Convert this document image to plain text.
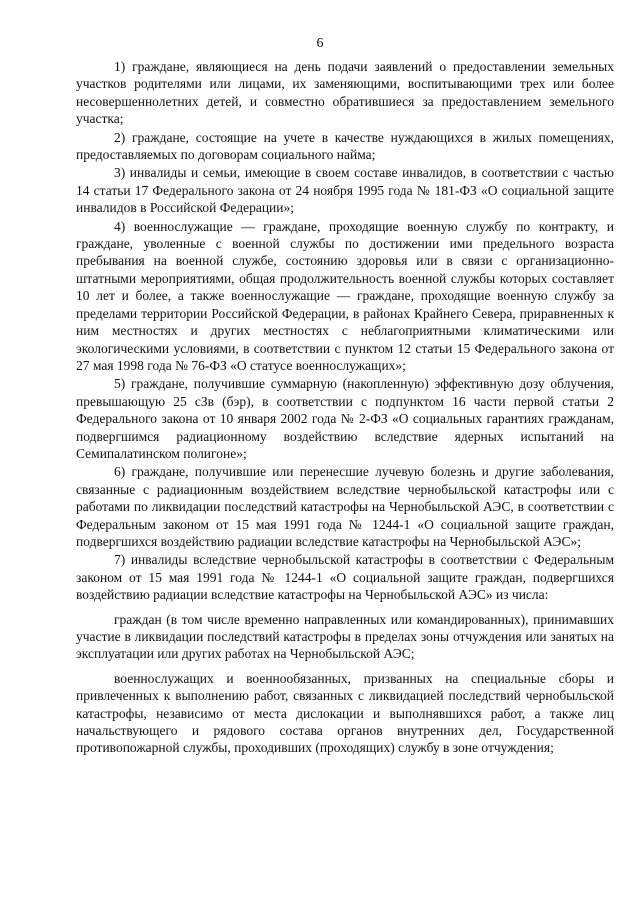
6

1) граждане, являющиеся на день подачи заявлений о предоставлении земельных участков родителями или лицами, их заменяющими, воспитывающими трех или более несовершеннолетних детей, и совместно обратившиеся за предоставлением земельного участка;

2) граждане, состоящие на учете в качестве нуждающихся в жилых помещениях, предоставляемых по договорам социального найма;

3) инвалиды и семьи, имеющие в своем составе инвалидов, в соответствии с частью 14 статьи 17 Федерального закона от 24 ноября 1995 года № 181-ФЗ «О социальной защите инвалидов в Российской Федерации»;

4) военнослужащие — граждане, проходящие военную службу по контракту, и граждане, уволенные с военной службы по достижении ими предельного возраста пребывания на военной службе, состоянию здоровья или в связи с организационно-штатными мероприятиями, общая продолжительность военной службы которых составляет 10 лет и более, а также военнослужащие — граждане, проходящие военную службу за пределами территории Российской Федерации, в районах Крайнего Севера, приравненных к ним местностях и других местностях с неблагоприятными климатическими или экологическими условиями, в соответствии с пунктом 12 статьи 15 Федерального закона от 27 мая 1998 года № 76-ФЗ «О статусе военнослужащих»;

5) граждане, получившие суммарную (накопленную) эффективную дозу облучения, превышающую 25 сЗв (бэр), в соответствии с подпунктом 16 части первой статьи 2 Федерального закона от 10 января 2002 года № 2-ФЗ «О социальных гарантиях гражданам, подвергшимся радиационному воздействию вследствие ядерных испытаний на Семипалатинском полигоне»;

6) граждане, получившие или перенесшие лучевую болезнь и другие заболевания, связанные с радиационным воздействием вследствие чернобыльской катастрофы или с работами по ликвидации последствий катастрофы на Чернобыльской АЭС, в соответствии с Федеральным законом от 15 мая 1991 года № 1244-1 «О социальной защите граждан, подвергшихся воздействию радиации вследствие катастрофы на Чернобыльской АЭС»;

7) инвалиды вследствие чернобыльской катастрофы в соответствии с Федеральным законом от 15 мая 1991 года № 1244-1 «О социальной защите граждан, подвергшихся воздействию радиации вследствие катастрофы на Чернобыльской АЭС» из числа:

граждан (в том числе временно направленных или командированных), принимавших участие в ликвидации последствий катастрофы в пределах зоны отчуждения или занятых на эксплуатации или других работах на Чернобыльской АЭС;

военнослужащих и военнообязанных, призванных на специальные сборы и привлеченных к выполнению работ, связанных с ликвидацией последствий чернобыльской катастрофы, независимо от места дислокации и выполнявшихся работ, а также лиц начальствующего и рядового состава органов внутренних дел, Государственной противопожарной службы, проходивших (проходящих) службу в зоне отчуждения;
